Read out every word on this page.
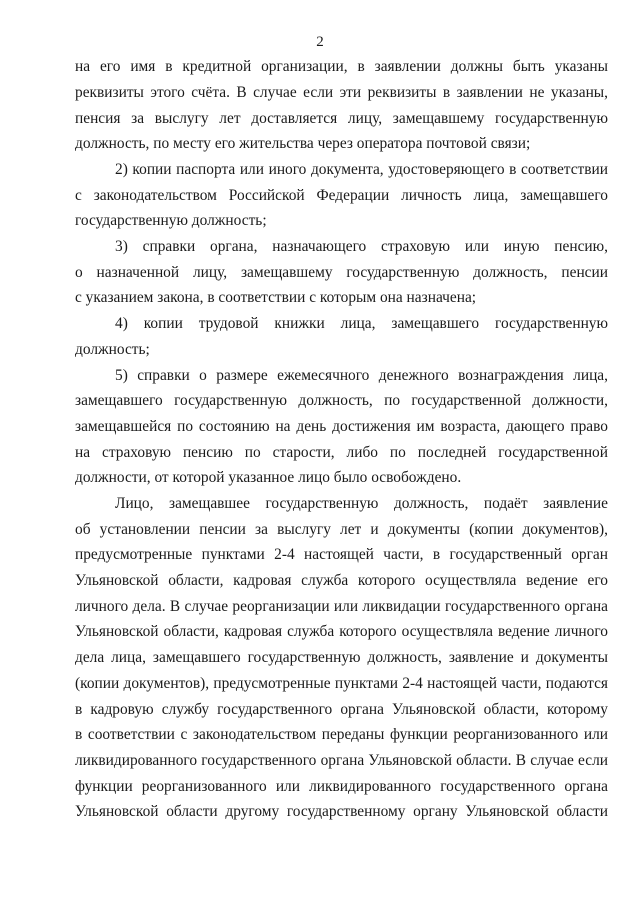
2
на его имя в кредитной организации, в заявлении должны быть указаны
реквизиты этого счёта. В случае если эти реквизиты в заявлении не указаны,
пенсия за выслугу лет доставляется лицу, замещавшему государственную
должность, по месту его жительства через оператора почтовой связи;
2) копии паспорта или иного документа, удостоверяющего в соответствии
с законодательством Российской Федерации личность лица, замещавшего
государственную должность;
3) справки органа, назначающего страховую или иную пенсию,
о назначенной лицу, замещавшему государственную должность, пенсии
с указанием закона, в соответствии с которым она назначена;
4) копии трудовой книжки лица, замещавшего государственную
должность;
5) справки о размере ежемесячного денежного вознаграждения лица,
замещавшего государственную должность, по государственной должности,
замещавшейся по состоянию на день достижения им возраста, дающего право
на страховую пенсию по старости, либо по последней государственной
должности, от которой указанное лицо было освобождено.
Лицо, замещавшее государственную должность, подаёт заявление
об установлении пенсии за выслугу лет и документы (копии документов),
предусмотренные пунктами 2-4 настоящей части, в государственный орган
Ульяновской области, кадровая служба которого осуществляла ведение его
личного дела. В случае реорганизации или ликвидации государственного органа
Ульяновской области, кадровая служба которого осуществляла ведение личного
дела лица, замещавшего государственную должность, заявление и документы
(копии документов), предусмотренные пунктами 2-4 настоящей части, подаются
в кадровую службу государственного органа Ульяновской области, которому
в соответствии с законодательством переданы функции реорганизованного или
ликвидированного государственного органа Ульяновской области. В случае если
функции реорганизованного или ликвидированного государственного органа
Ульяновской области другому государственному органу Ульяновской области
